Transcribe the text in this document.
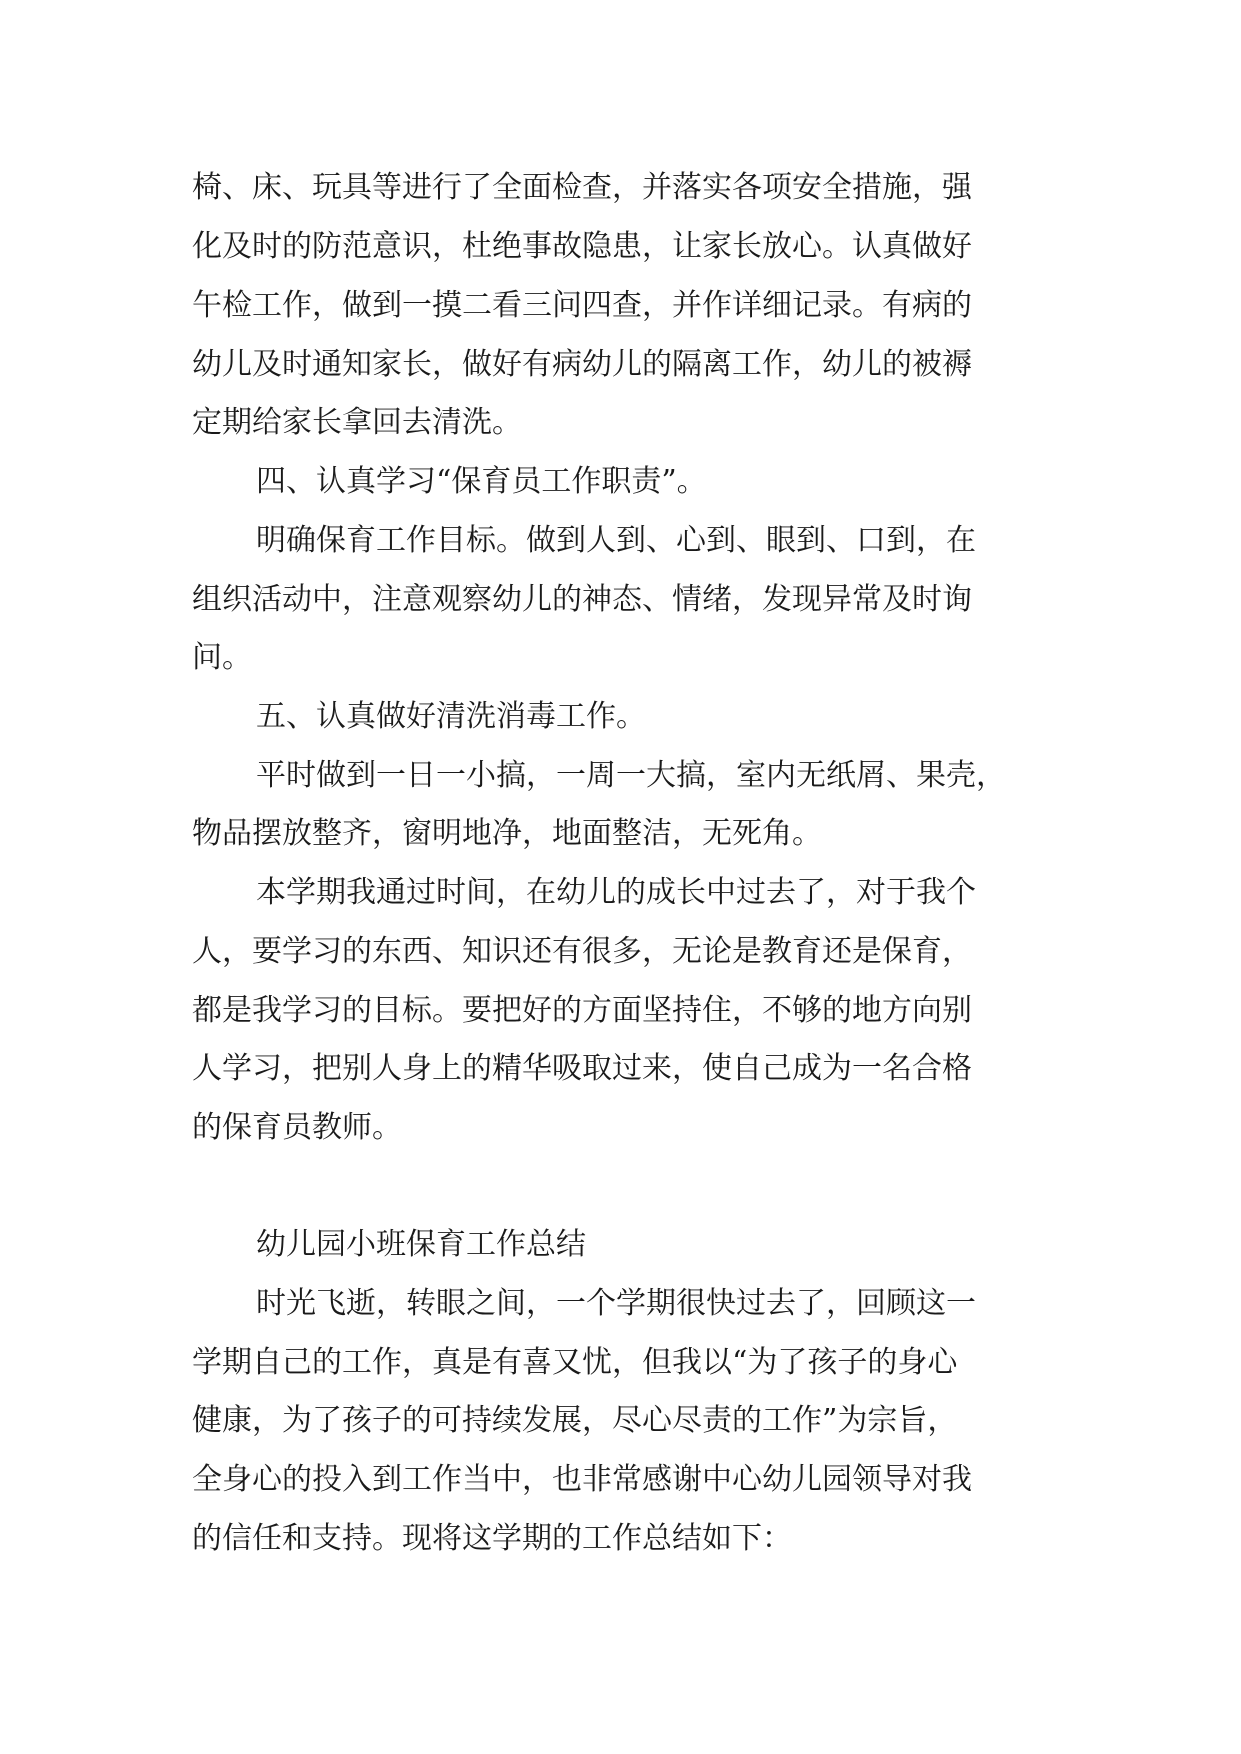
椅、床、玩具等进行了全面检查，并落实各项安全措施，强

化及时的防范意识，杜绝事故隐患，让家长放心。认真做好

午检工作，做到一摸二看三问四查，并作详细记录。有病的

幼儿及时通知家长，做好有病幼儿的隔离工作，幼儿的被褥

定期给家长拿回去清洗。

四、认真学习“保育员工作职责”。

明确保育工作目标。做到人到、心到、眼到、口到，在

组织活动中，注意观察幼儿的神态、情绪，发现异常及时询

问。

五、认真做好清洗消毒工作。

平时做到一日一小搞，一周一大搞，室内无纸屑、果壳，

物品摆放整齐，窗明地净，地面整洁，无死角。

本学期我通过时间，在幼儿的成长中过去了，对于我个

人，要学习的东西、知识还有很多，无论是教育还是保育，

都是我学习的目标。要把好的方面坚持住，不够的地方向别

人学习，把别人身上的精华吸取过来，使自己成为一名合格

的保育员教师。

幼儿园小班保育工作总结

时光飞逝，转眼之间，一个学期很快过去了，回顾这一

学期自己的工作，真是有喜又忧，但我以“为了孩子的身心

健康，为了孩子的可持续发展，尽心尽责的工作”为宗旨，

全身心的投入到工作当中，也非常感谢中心幼儿园领导对我

的信任和支持。现将这学期的工作总结如下：
